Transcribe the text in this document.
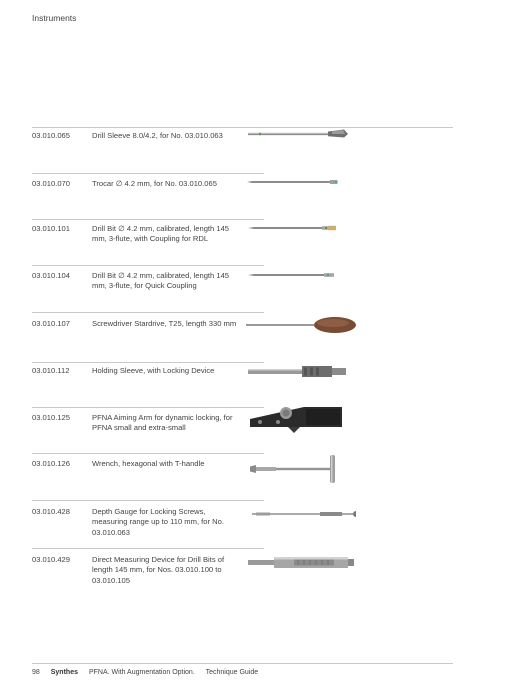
Instruments
03.010.065	Drill Sleeve 8.0/4.2, for No. 03.010.063
03.010.070	Trocar ∅ 4.2 mm, for No. 03.010.065
03.010.101	Drill Bit ∅ 4.2 mm, calibrated, length 145 mm, 3-flute, with Coupling for RDL
03.010.104	Drill Bit ∅ 4.2 mm, calibrated, length 145 mm, 3-flute, for Quick Coupling
03.010.107	Screwdriver Stardrive, T25, length 330 mm
03.010.112	Holding Sleeve, with Locking Device
03.010.125	PFNA Aiming Arm for dynamic locking, for PFNA small and extra-small
03.010.126	Wrench, hexagonal with T-handle
03.010.428	Depth Gauge for Locking Screws, measuring range up to 110 mm, for No. 03.010.063
03.010.429	Direct Measuring Device for Drill Bits of length 145 mm, for Nos. 03.010.100 to 03.010.105
98 Synthes PFNA. With Augmentation Option. Technique Guide
